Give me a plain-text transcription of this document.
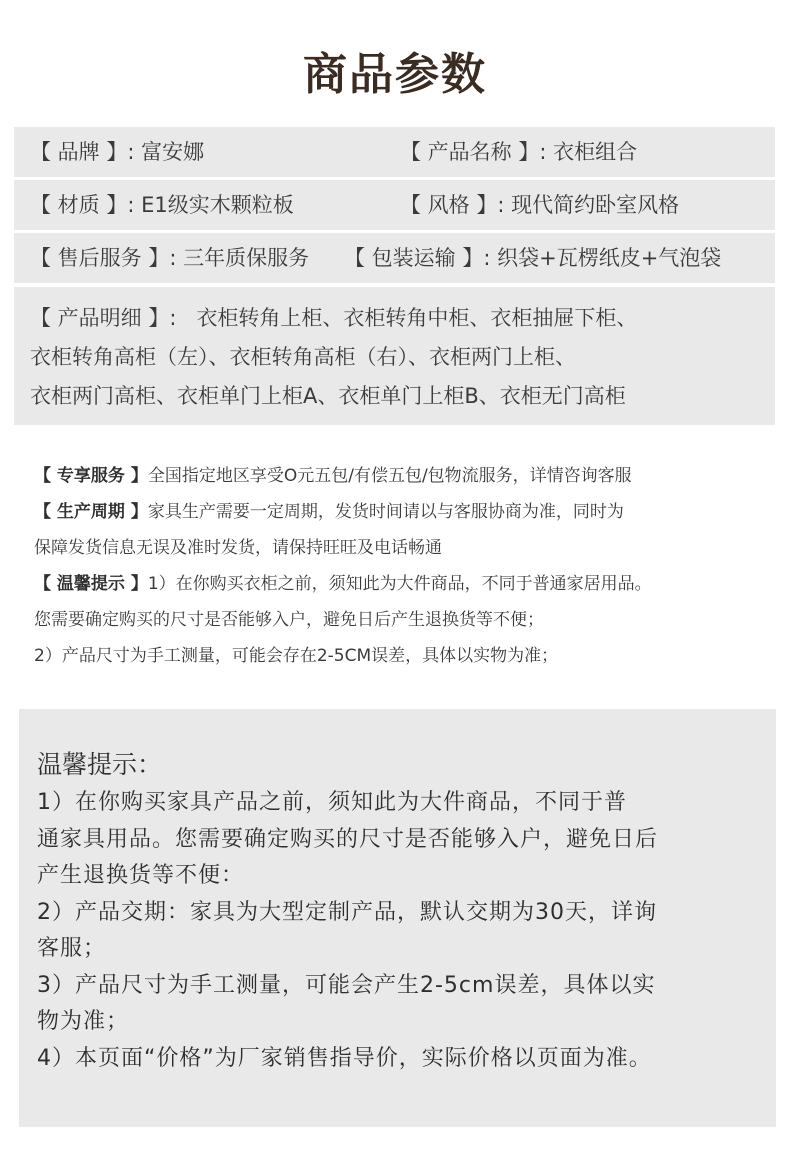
商品参数
【 品牌 】: 富安娜	【 产品名称 】: 衣柜组合
【 材质 】: E1级实木颗粒板	【 风格 】: 现代简约卧室风格
【 售后服务 】: 三年质保服务 【 包装运输 】: 织袋+瓦楞纸皮+气泡袋
【 产品明细 】: 衣柜转角上柜、衣柜转角中柜、衣柜抽屉下柜、
衣柜转角高柜（左）、衣柜转角高柜（右）、衣柜两门上柜、
衣柜两门高柜、衣柜单门上柜A、衣柜单门上柜B、衣柜无门高柜
【 专享服务 】全国指定地区享受O元五包/有偿五包/包物流服务，详情咨询客服
【 生产周期 】家具生产需要一定周期，发货时间请以与客服协商为准，同时为
保障发货信息无误及准时发货，请保持旺旺及电话畅通
【 温馨提示 】1）在你购买衣柜之前，须知此为大件商品，不同于普通家居用品。
您需要确定购买的尺寸是否能够入户，避免日后产生退换货等不便；
2）产品尺寸为手工测量，可能会存在2-5CM误差，具体以实物为准；
温馨提示：
1）在你购买家具产品之前，须知此为大件商品，不同于普
通家具用品。您需要确定购买的尺寸是否能够入户，避免日后
产生退换货等不便：
2）产品交期：家具为大型定制产品，默认交期为30天，详询
客服；
3）产品尺寸为手工测量，可能会产生2-5cm误差，具体以实
物为准；
4）本页面“价格”为厂家销售指导价，实际价格以页面为准。
